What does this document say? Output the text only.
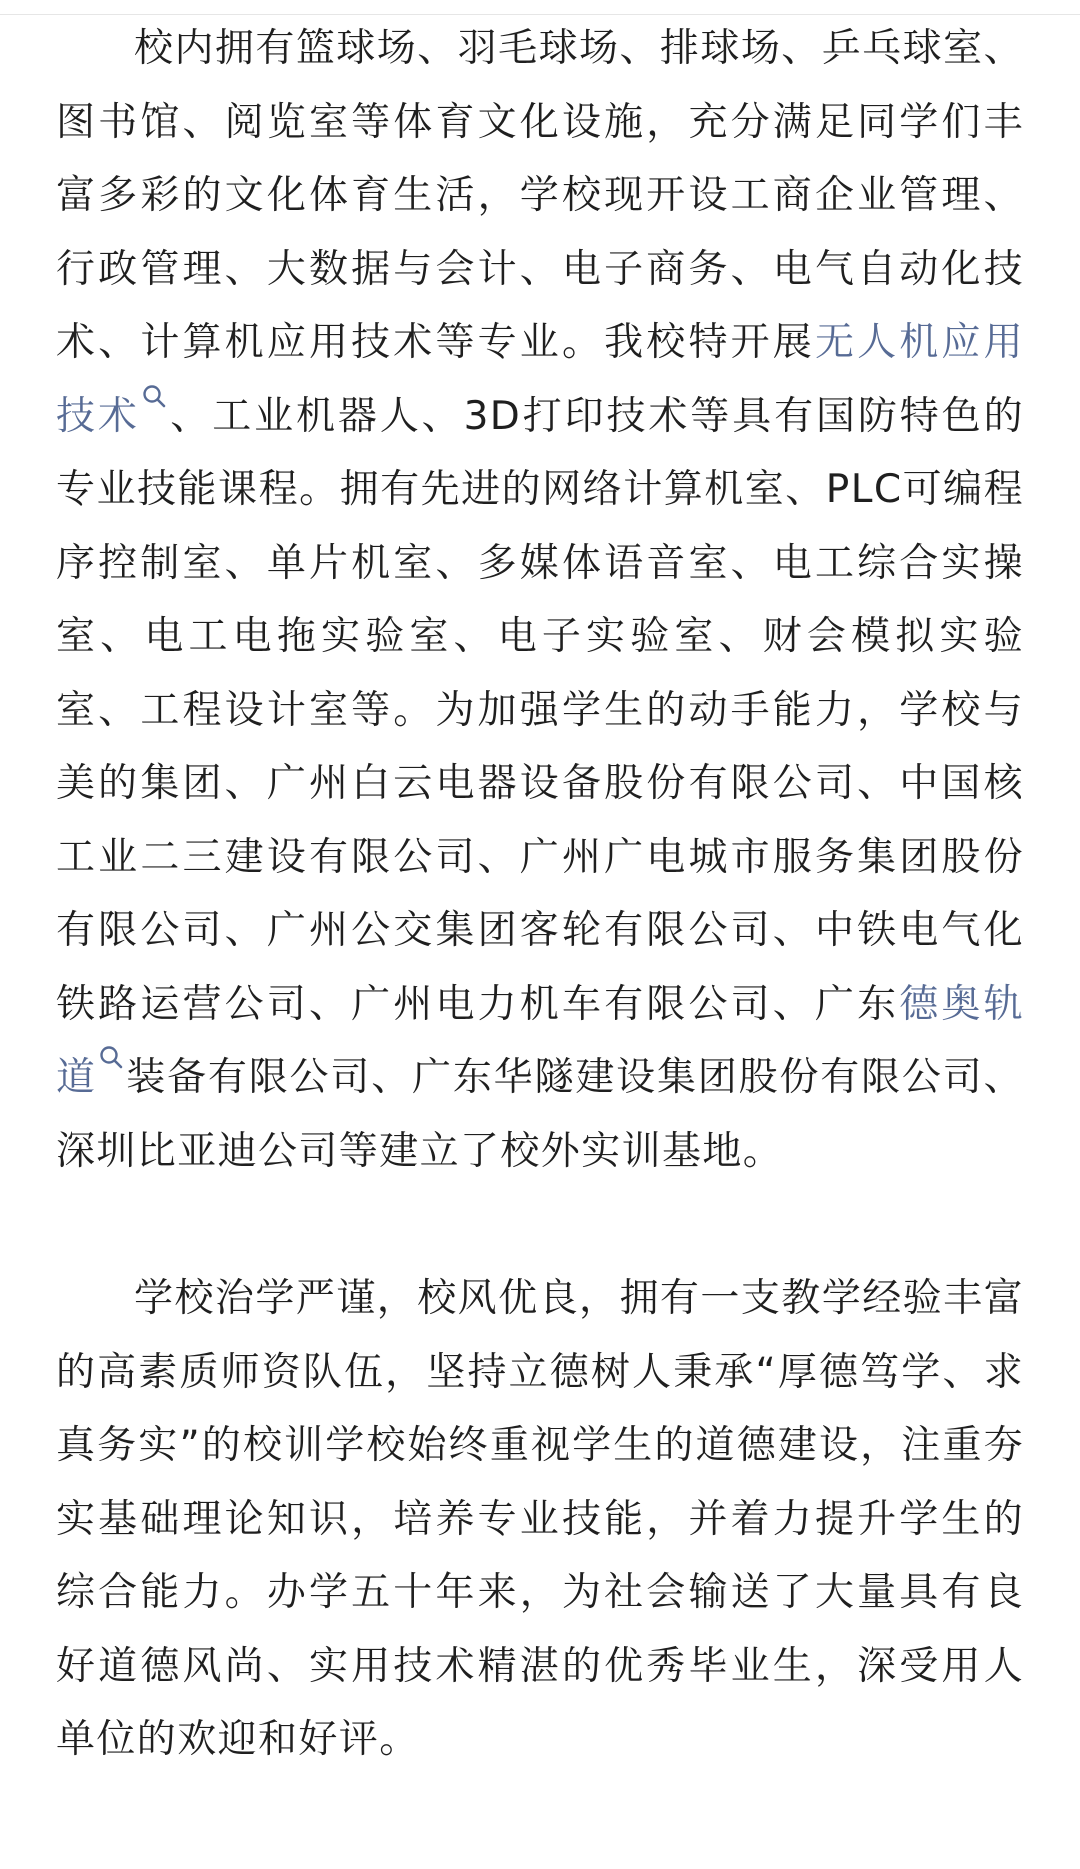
校内拥有篮球场、羽毛球场、排球场、乒乓球室、图书馆、阅览室等体育文化设施，充分满足同学们丰富多彩的文化体育生活，学校现开设工商企业管理、行政管理、大数据与会计、电子商务、电气自动化技术、计算机应用技术等专业。我校特开展无人机应用技术 、工业机器人、3D打印技术等具有国防特色的专业技能课程。拥有先进的网络计算机室、PLC可编程序控制室、单片机室、多媒体语音室、电工综合实操室、电工电拖实验室、电子实验室、财会模拟实验室、工程设计室等。为加强学生的动手能力，学校与美的集团、广州白云电器设备股份有限公司、中国核工业二三建设有限公司、广州广电城市服务集团股份有限公司、广州公交集团客轮有限公司、中铁电气化铁路运营公司、广州电力机车有限公司、广东德奥轨道 装备有限公司、广东华隧建设集团股份有限公司、深圳比亚迪公司等建立了校外实训基地。

学校治学严谨，校风优良，拥有一支教学经验丰富的高素质师资队伍，坚持立德树人秉承“厚德笃学、求真务实”的校训学校始终重视学生的道德建设，注重夯实基础理论知识，培养专业技能，并着力提升学生的综合能力。办学五十年来，为社会输送了大量具有良好道德风尚、实用技术精湛的优秀毕业生，深受用人单位的欢迎和好评。
